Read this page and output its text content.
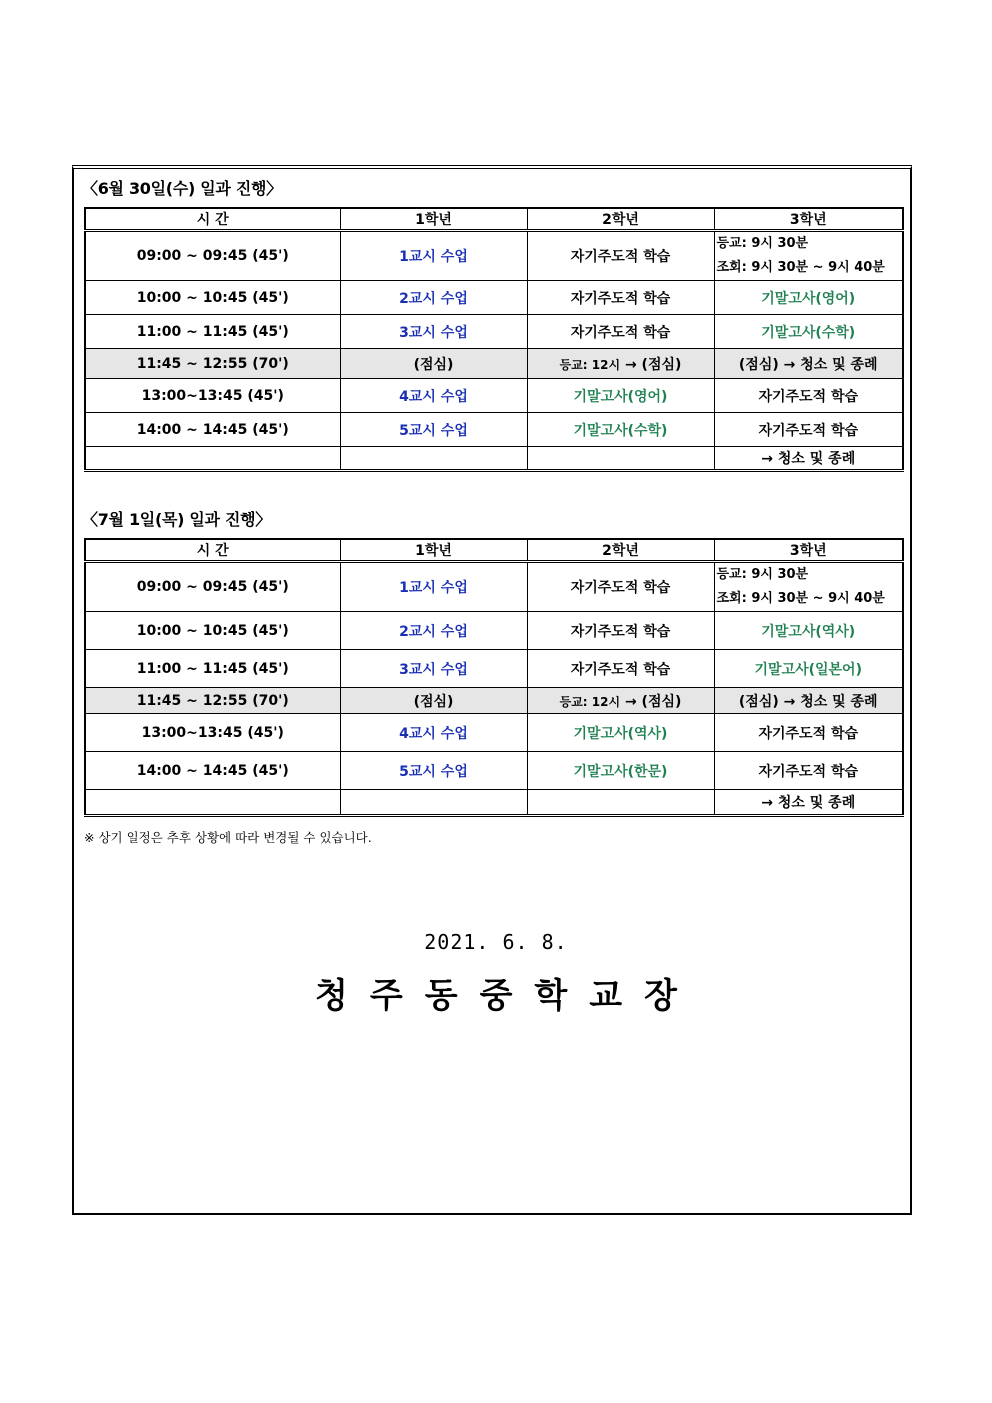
〈6월 30일(수) 일과 진행〉
시 간	1학년	2학년	3학년
09:00 ~ 09:45 (45')	1교시 수업	자기주도적 학습	등교: 9시 30분
조회: 9시 30분 ~ 9시 40분

10:00 ~ 10:45 (45')	2교시 수업	자기주도적 학습	기말고사(영어)
11:00 ~ 11:45 (45')	3교시 수업	자기주도적 학습	기말고사(수학)
11:45 ~ 12:55 (70')	(점심)	등교: 12시 → (점심)	(점심) → 청소 및 종례
13:00~13:45 (45')	4교시 수업	기말고사(영어)	자기주도적 학습
14:00 ~ 14:45 (45')	5교시 수업	기말고사(수학)	자기주도적 학습
			→ 청소 및 종례
〈7월 1일(목) 일과 진행〉
시 간	1학년	2학년	3학년
09:00 ~ 09:45 (45')	1교시 수업	자기주도적 학습	등교: 9시 30분
조회: 9시 30분 ~ 9시 40분

10:00 ~ 10:45 (45')	2교시 수업	자기주도적 학습	기말고사(역사)
11:00 ~ 11:45 (45')	3교시 수업	자기주도적 학습	기말고사(일본어)
11:45 ~ 12:55 (70')	(점심)	등교: 12시 → (점심)	(점심) → 청소 및 종례
13:00~13:45 (45')	4교시 수업	기말고사(역사)	자기주도적 학습
14:00 ~ 14:45 (45')	5교시 수업	기말고사(한문)	자기주도적 학습
			→ 청소 및 종례
※ 상기 일정은 추후 상황에 따라 변경될 수 있습니다.
2021. 6. 8.
청주동중학교장
